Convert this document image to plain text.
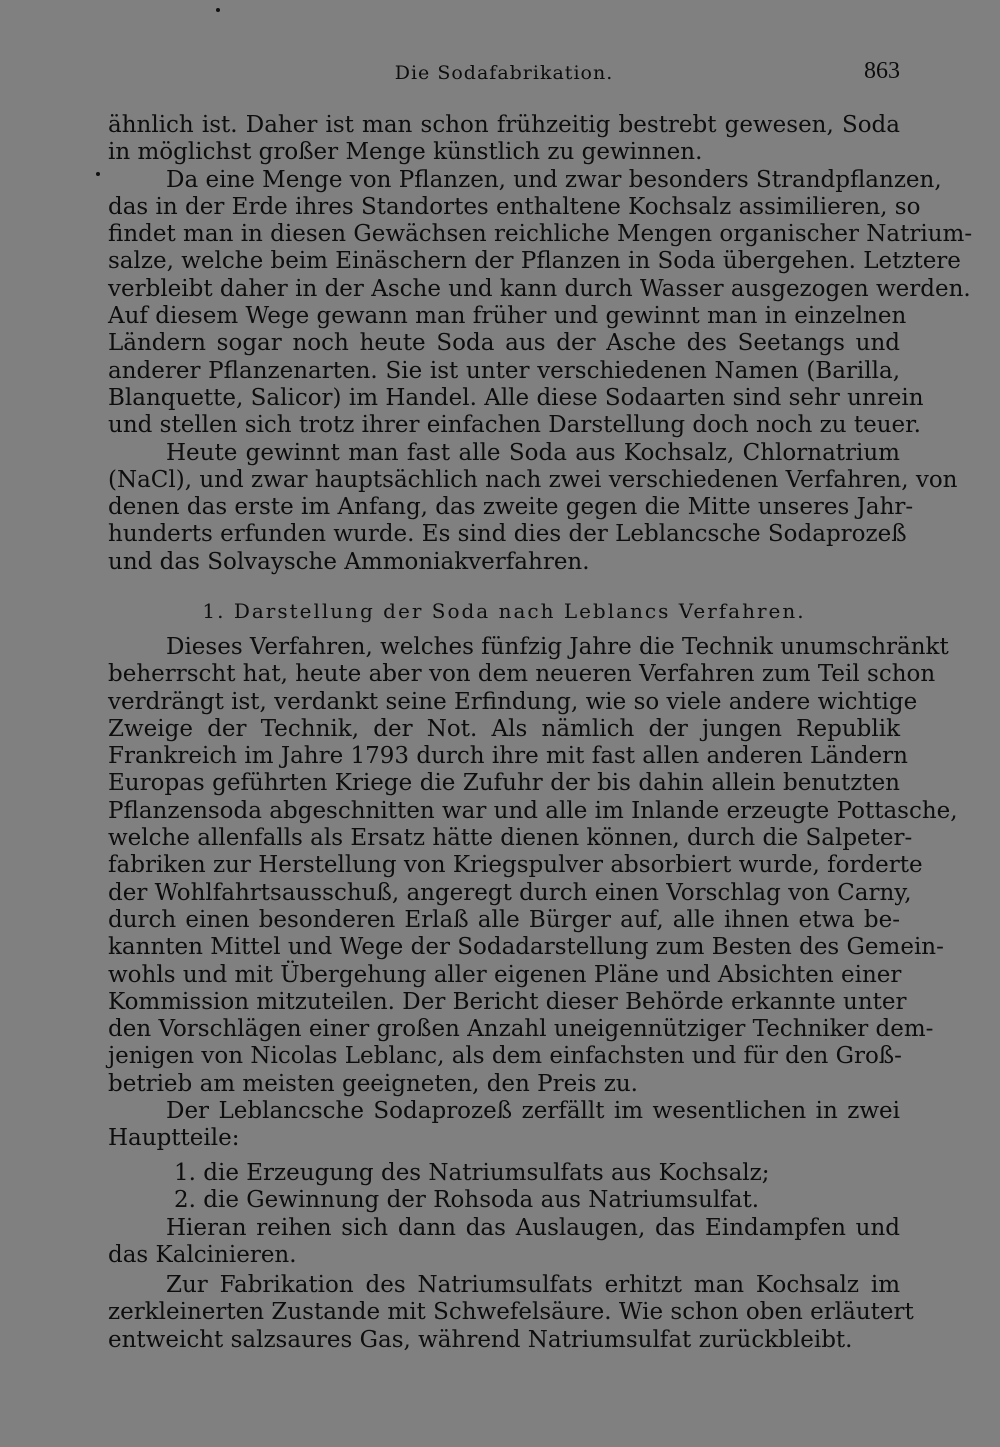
Die Sodafabrikation.	863
ähnlich ist. Daher ist man schon frühzeitig bestrebt gewesen, Soda
in möglichst großer Menge künstlich zu gewinnen.
Da eine Menge von Pflanzen, und zwar besonders Strandpflanzen,
das in der Erde ihres Standortes enthaltene Kochsalz assimilieren, so
findet man in diesen Gewächsen reichliche Mengen organischer Natrium-
salze, welche beim Einäschern der Pflanzen in Soda übergehen. Letztere
verbleibt daher in der Asche und kann durch Wasser ausgezogen werden.
Auf diesem Wege gewann man früher und gewinnt man in einzelnen
Ländern sogar noch heute Soda aus der Asche des Seetangs und
anderer Pflanzenarten. Sie ist unter verschiedenen Namen (Barilla,
Blanquette, Salicor) im Handel. Alle diese Sodaarten sind sehr unrein
und stellen sich trotz ihrer einfachen Darstellung doch noch zu teuer.
Heute gewinnt man fast alle Soda aus Kochsalz, Chlornatrium
(NaCl), und zwar hauptsächlich nach zwei verschiedenen Verfahren, von
denen das erste im Anfang, das zweite gegen die Mitte unseres Jahr-
hunderts erfunden wurde. Es sind dies der Leblancsche Sodaprozeß
und das Solvaysche Ammoniakverfahren.
1. Darstellung der Soda nach Leblancs Verfahren.
Dieses Verfahren, welches fünfzig Jahre die Technik unumschränkt
beherrscht hat, heute aber von dem neueren Verfahren zum Teil schon
verdrängt ist, verdankt seine Erfindung, wie so viele andere wichtige
Zweige der Technik, der Not. Als nämlich der jungen Republik
Frankreich im Jahre 1793 durch ihre mit fast allen anderen Ländern
Europas geführten Kriege die Zufuhr der bis dahin allein benutzten
Pflanzensoda abgeschnitten war und alle im Inlande erzeugte Pottasche,
welche allenfalls als Ersatz hätte dienen können, durch die Salpeter-
fabriken zur Herstellung von Kriegspulver absorbiert wurde, forderte
der Wohlfahrtsausschuß, angeregt durch einen Vorschlag von Carny,
durch einen besonderen Erlaß alle Bürger auf, alle ihnen etwa be-
kannten Mittel und Wege der Sodadarstellung zum Besten des Gemein-
wohls und mit Übergehung aller eigenen Pläne und Absichten einer
Kommission mitzuteilen. Der Bericht dieser Behörde erkannte unter
den Vorschlägen einer großen Anzahl uneigennütziger Techniker dem-
jenigen von Nicolas Leblanc, als dem einfachsten und für den Groß-
betrieb am meisten geeigneten, den Preis zu.
Der Leblancsche Sodaprozeß zerfällt im wesentlichen in zwei
Hauptteile:
1. die Erzeugung des Natriumsulfats aus Kochsalz;
2. die Gewinnung der Rohsoda aus Natriumsulfat.
Hieran reihen sich dann das Auslaugen, das Eindampfen und
das Kalcinieren.
Zur Fabrikation des Natriumsulfats erhitzt man Kochsalz im
zerkleinerten Zustande mit Schwefelsäure. Wie schon oben erläutert
entweicht salzsaures Gas, während Natriumsulfat zurückbleibt.
